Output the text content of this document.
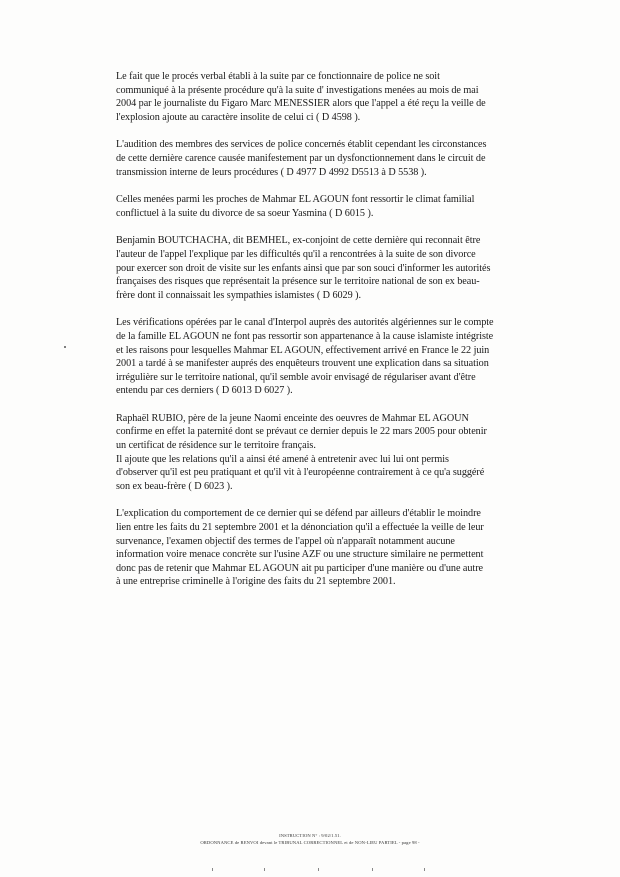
Le fait que le procés verbal établi à la suite par ce fonctionnaire de police ne soit
communiqué à la présente procédure qu'à la suite d' investigations menées au mois de mai
2004 par le journaliste du Figaro Marc MENESSIER alors que l'appel a été reçu la veille de
l'explosion ajoute au caractère insolite de celui ci ( D 4598 ).

L'audition des membres des services de police concernés établit cependant les circonstances
de cette dernière carence causée manifestement par un dysfonctionnement dans le circuit de
transmission interne de leurs procédures ( D 4977 D 4992 D5513 à D 5538 ).

Celles menées parmi les proches de Mahmar EL AGOUN font ressortir le climat familial
conflictuel à la suite du divorce de sa soeur Yasmina ( D 6015 ).

Benjamin BOUTCHACHA, dit BEMHEL, ex-conjoint de cette dernière qui reconnait être
l'auteur de l'appel l'explique par les difficultés qu'il a rencontrées à la suite de son divorce
pour exercer son droit de visite sur les enfants ainsi que par son souci d'informer les autorités
françaises des risques que représentait la présence sur le territoire national de son ex beau-
frère dont il connaissait les sympathies islamistes ( D 6029 ).

Les vérifications opérées par le canal d'Interpol auprès des autorités algériennes sur le compte
de la famille EL AGOUN ne font pas ressortir son appartenance à la cause islamiste intégriste
et les raisons pour lesquelles Mahmar EL AGOUN, effectivement arrivé en France le 22 juin
2001 a tardé à se manifester auprés des enquêteurs trouvent une explication dans sa situation
irrégulière sur le territoire national, qu'il semble avoir envisagé de régulariser avant d'être
entendu par ces derniers ( D 6013 D 6027 ).

Raphaël RUBIO, père de la jeune Naomi enceinte des oeuvres de Mahmar EL AGOUN
confirme en effet la paternité dont se prévaut ce dernier depuis le 22 mars 2005 pour obtenir
un certificat de résidence sur le territoire français.
Il ajoute que les relations qu'il a ainsi été amené à entretenir avec lui lui ont permis
d'observer qu'il est peu pratiquant et qu'il vit à l'européenne contrairement à ce qu'a suggéré
son ex beau-frère ( D 6023 ).

L'explication du comportement de ce dernier qui se défend par ailleurs d'établir le moindre
lien entre les faits du 21 septembre 2001 et la dénonciation qu'il a effectuée la veille de leur
survenance, l'examen objectif des termes de l'appel où n'apparaît notamment aucune
information voire menace concrète sur l'usine AZF ou une structure similaire ne permettent
donc pas de retenir que Mahmar EL AGOUN ait pu participer d'une manière ou d'une autre
à une entreprise criminelle à l'origine des faits du 21 septembre 2001.

INSTRUCTION N° : 9/02/1.51.
ORDONNANCE de RENVOI devant le TRIBUNAL CORRECTIONNEL et de NON-LIEU PARTIEL - page 98 -
